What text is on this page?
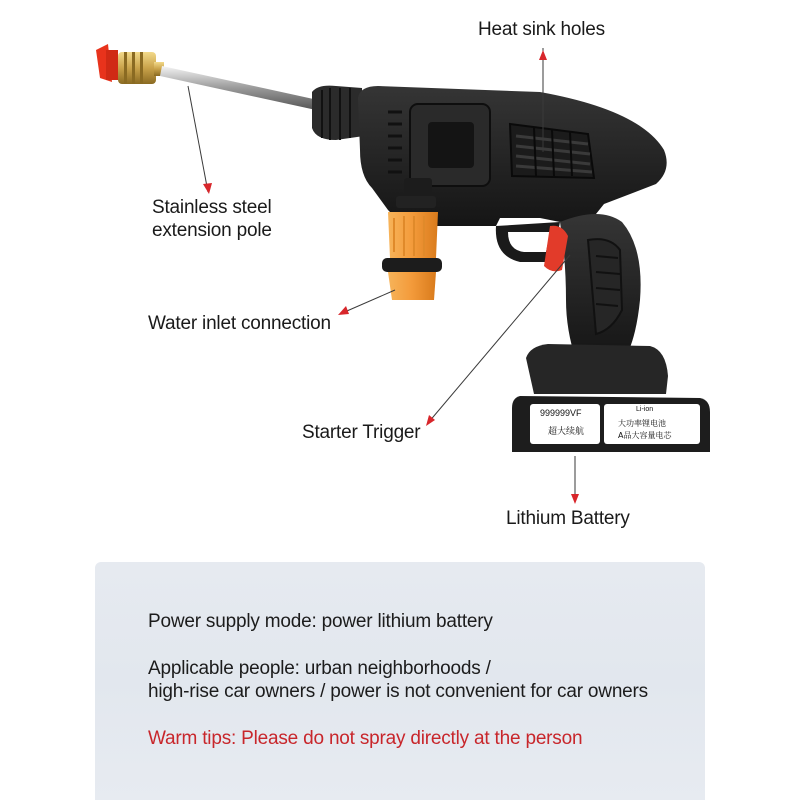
999999VF
超大续航
Li-ion
大功率锂电池
A品大容量电芯
Heat sink holes
Stainless steel
extension pole
Water inlet connection
Starter Trigger
Lithium Battery
Power supply mode: power lithium battery
Applicable people: urban neighborhoods /
high-rise car owners / power is not convenient for car owners
Warm tips: Please do not spray directly at the person
